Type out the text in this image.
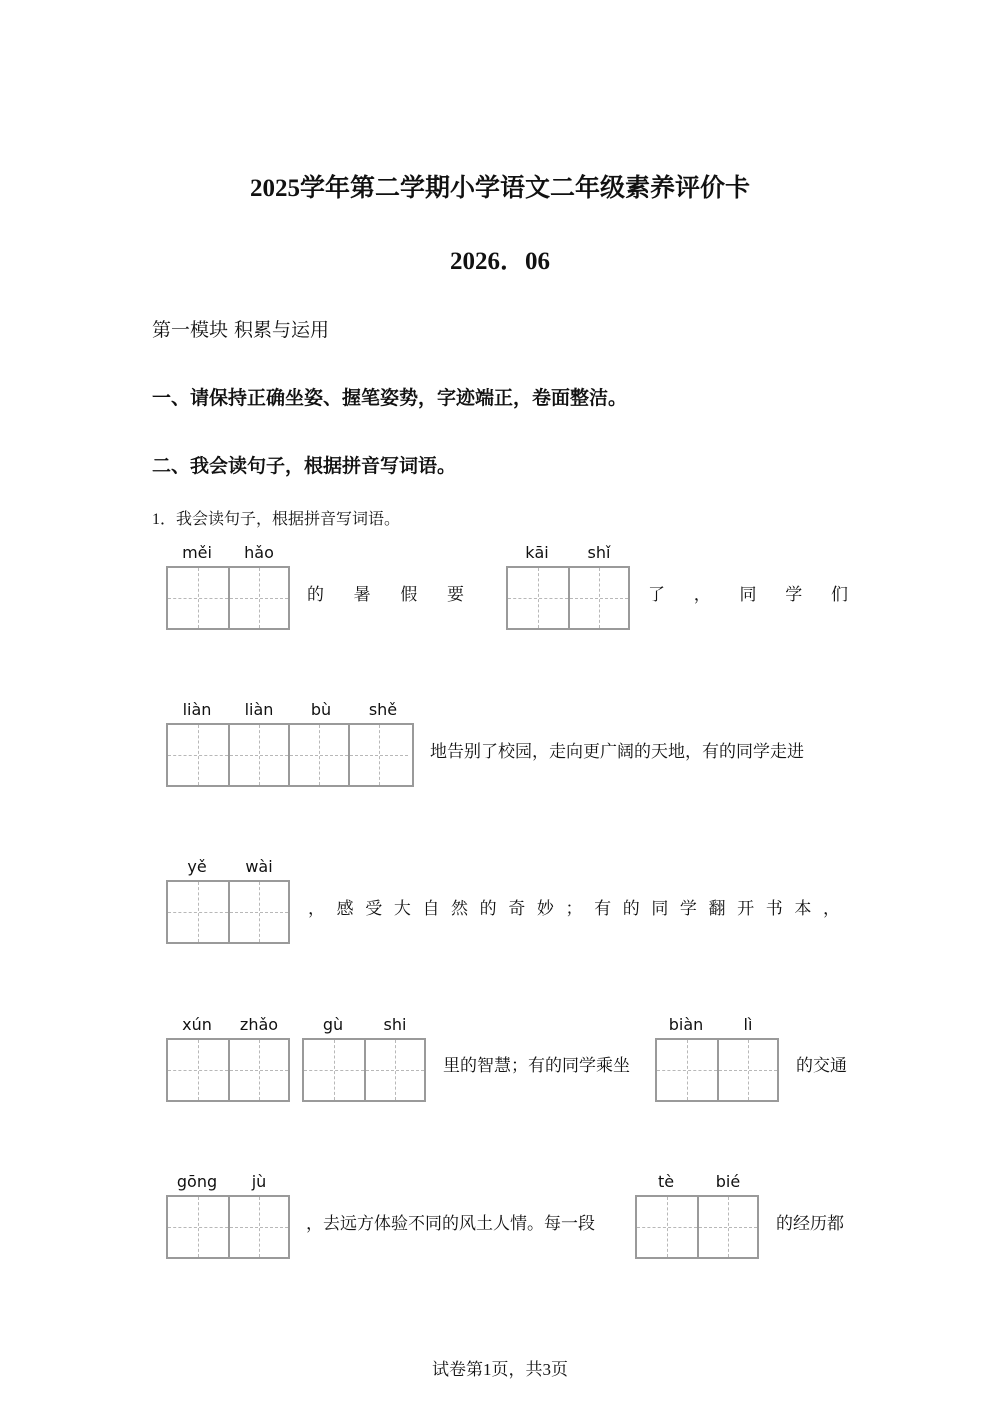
2025学年第二学期小学语文二年级素养评价卡
2026．06
第一模块 积累与运用
一、请保持正确坐姿、握笔姿势，字迹端正，卷面整洁。
二、我会读句子，根据拼音写词语。
1．我会读句子，根据拼音写词语。
měi	hǎo
的 暑 假 要
kāi	shǐ
了 ， 同 学 们
liàn	liàn	bù	shě
地告别了校园，走向更广阔的天地，有的同学走进
yě	wài
， 感 受 大 自 然 的 奇 妙 ； 有 的 同 学 翻 开 书 本 ，
xún	zhǎo	gù	shi
里的智慧；有的同学乘坐
biàn	lì
的交通
gōng	jù
，去远方体验不同的风土人情。每一段
tè	bié
的经历都
试卷第1页，共3页
